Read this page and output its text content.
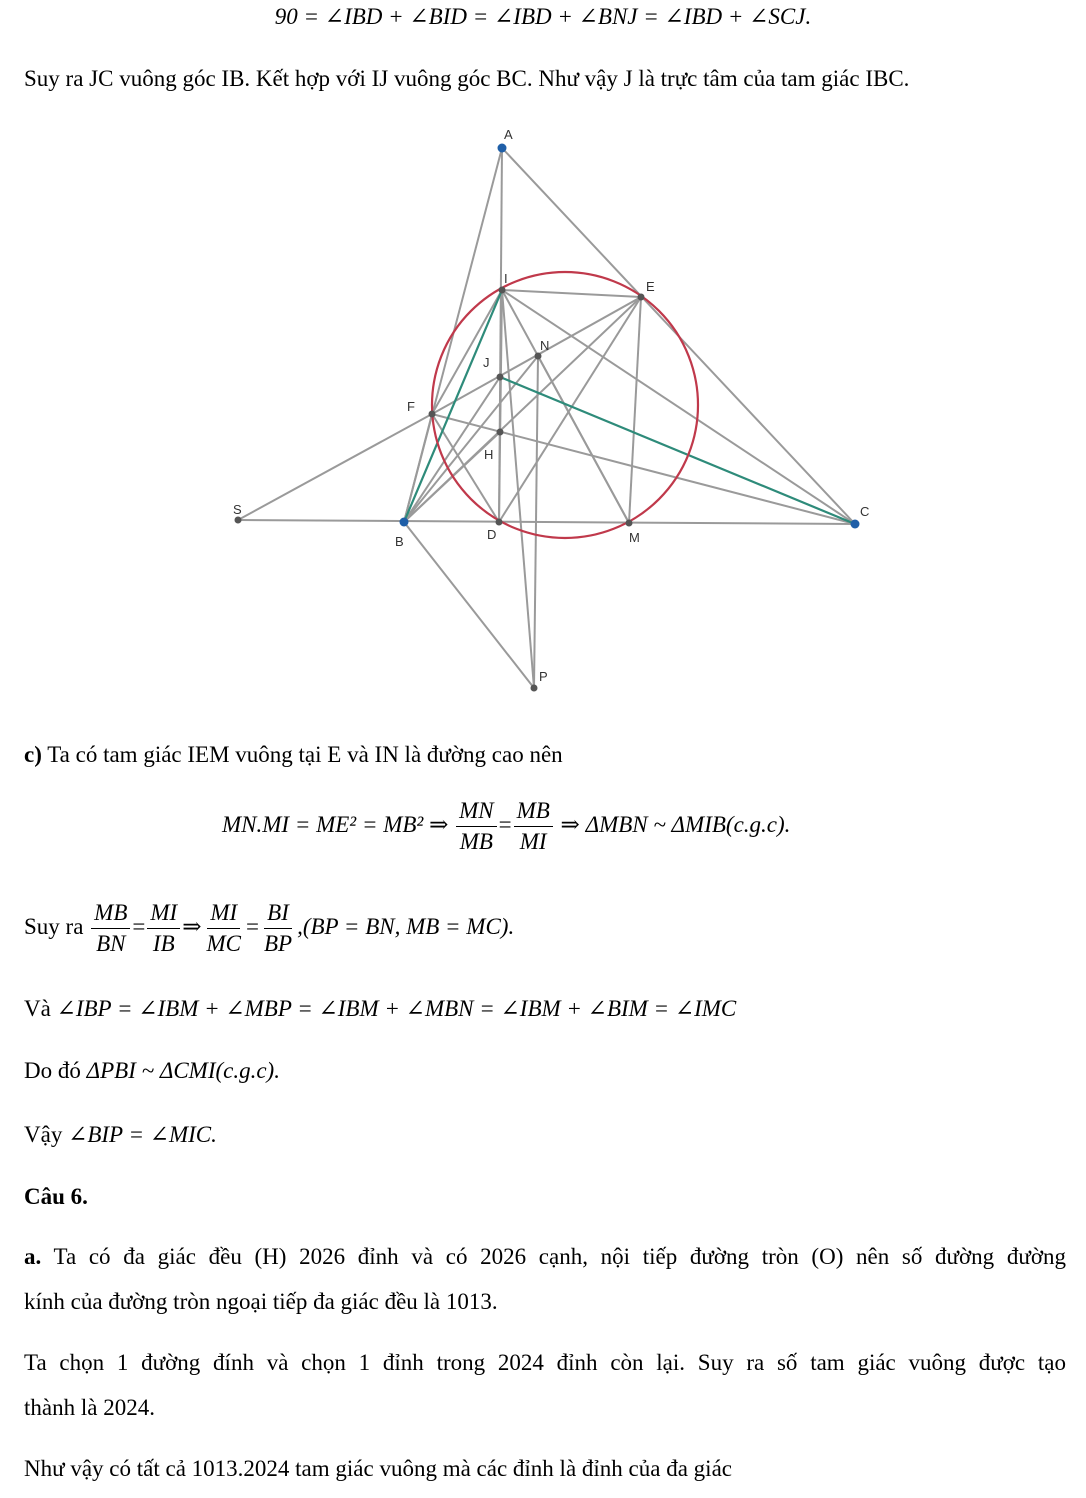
90 = ∠IBD + ∠BID = ∠IBD + ∠BNJ = ∠IBD + ∠SCJ.
Suy ra JC vuông góc IB. Kết hợp với IJ vuông góc BC. Như vậy J là trực tâm của tam giác IBC.
A
I
E
N
J
F
H
S
B	D	M
C
P
c) Ta có tam giác IEM vuông tại E và IN là đường cao nên
MN.MI = ME² = MB² ⇒ $\frac{MN}{MB} = \frac{MB}{MI}$ ⇒ ΔMBN ~ ΔMIB(c.g.c).
Suy ra $\frac{MB}{BN} = \frac{MI}{IB}$ ⇒ $\frac{MI}{MC} = \frac{BI}{BP} ,(BP$ = BN, MB = MC).
Và ∠IBP = ∠IBM + ∠MBP = ∠IBM + ∠MBN = ∠IBM + ∠BIM = ∠IMC
Do đó ΔPBI ~ ΔCMI(c.g.c).
Vậy ∠BIP = ∠MIC.
Câu 6.
a. Ta có đa giác đều (H) 2026 đỉnh và có 2026 cạnh, nội tiếp đường tròn (O) nên số đường đường
kính của đường tròn ngoại tiếp đa giác đều là 1013.
Ta chọn 1 đường đính và chọn 1 đỉnh trong 2024 đỉnh còn lại. Suy ra số tam giác vuông được tạo
thành là 2024.
Như vậy có tất cả 1013.2024 tam giác vuông mà các đỉnh là đỉnh của đa giác
